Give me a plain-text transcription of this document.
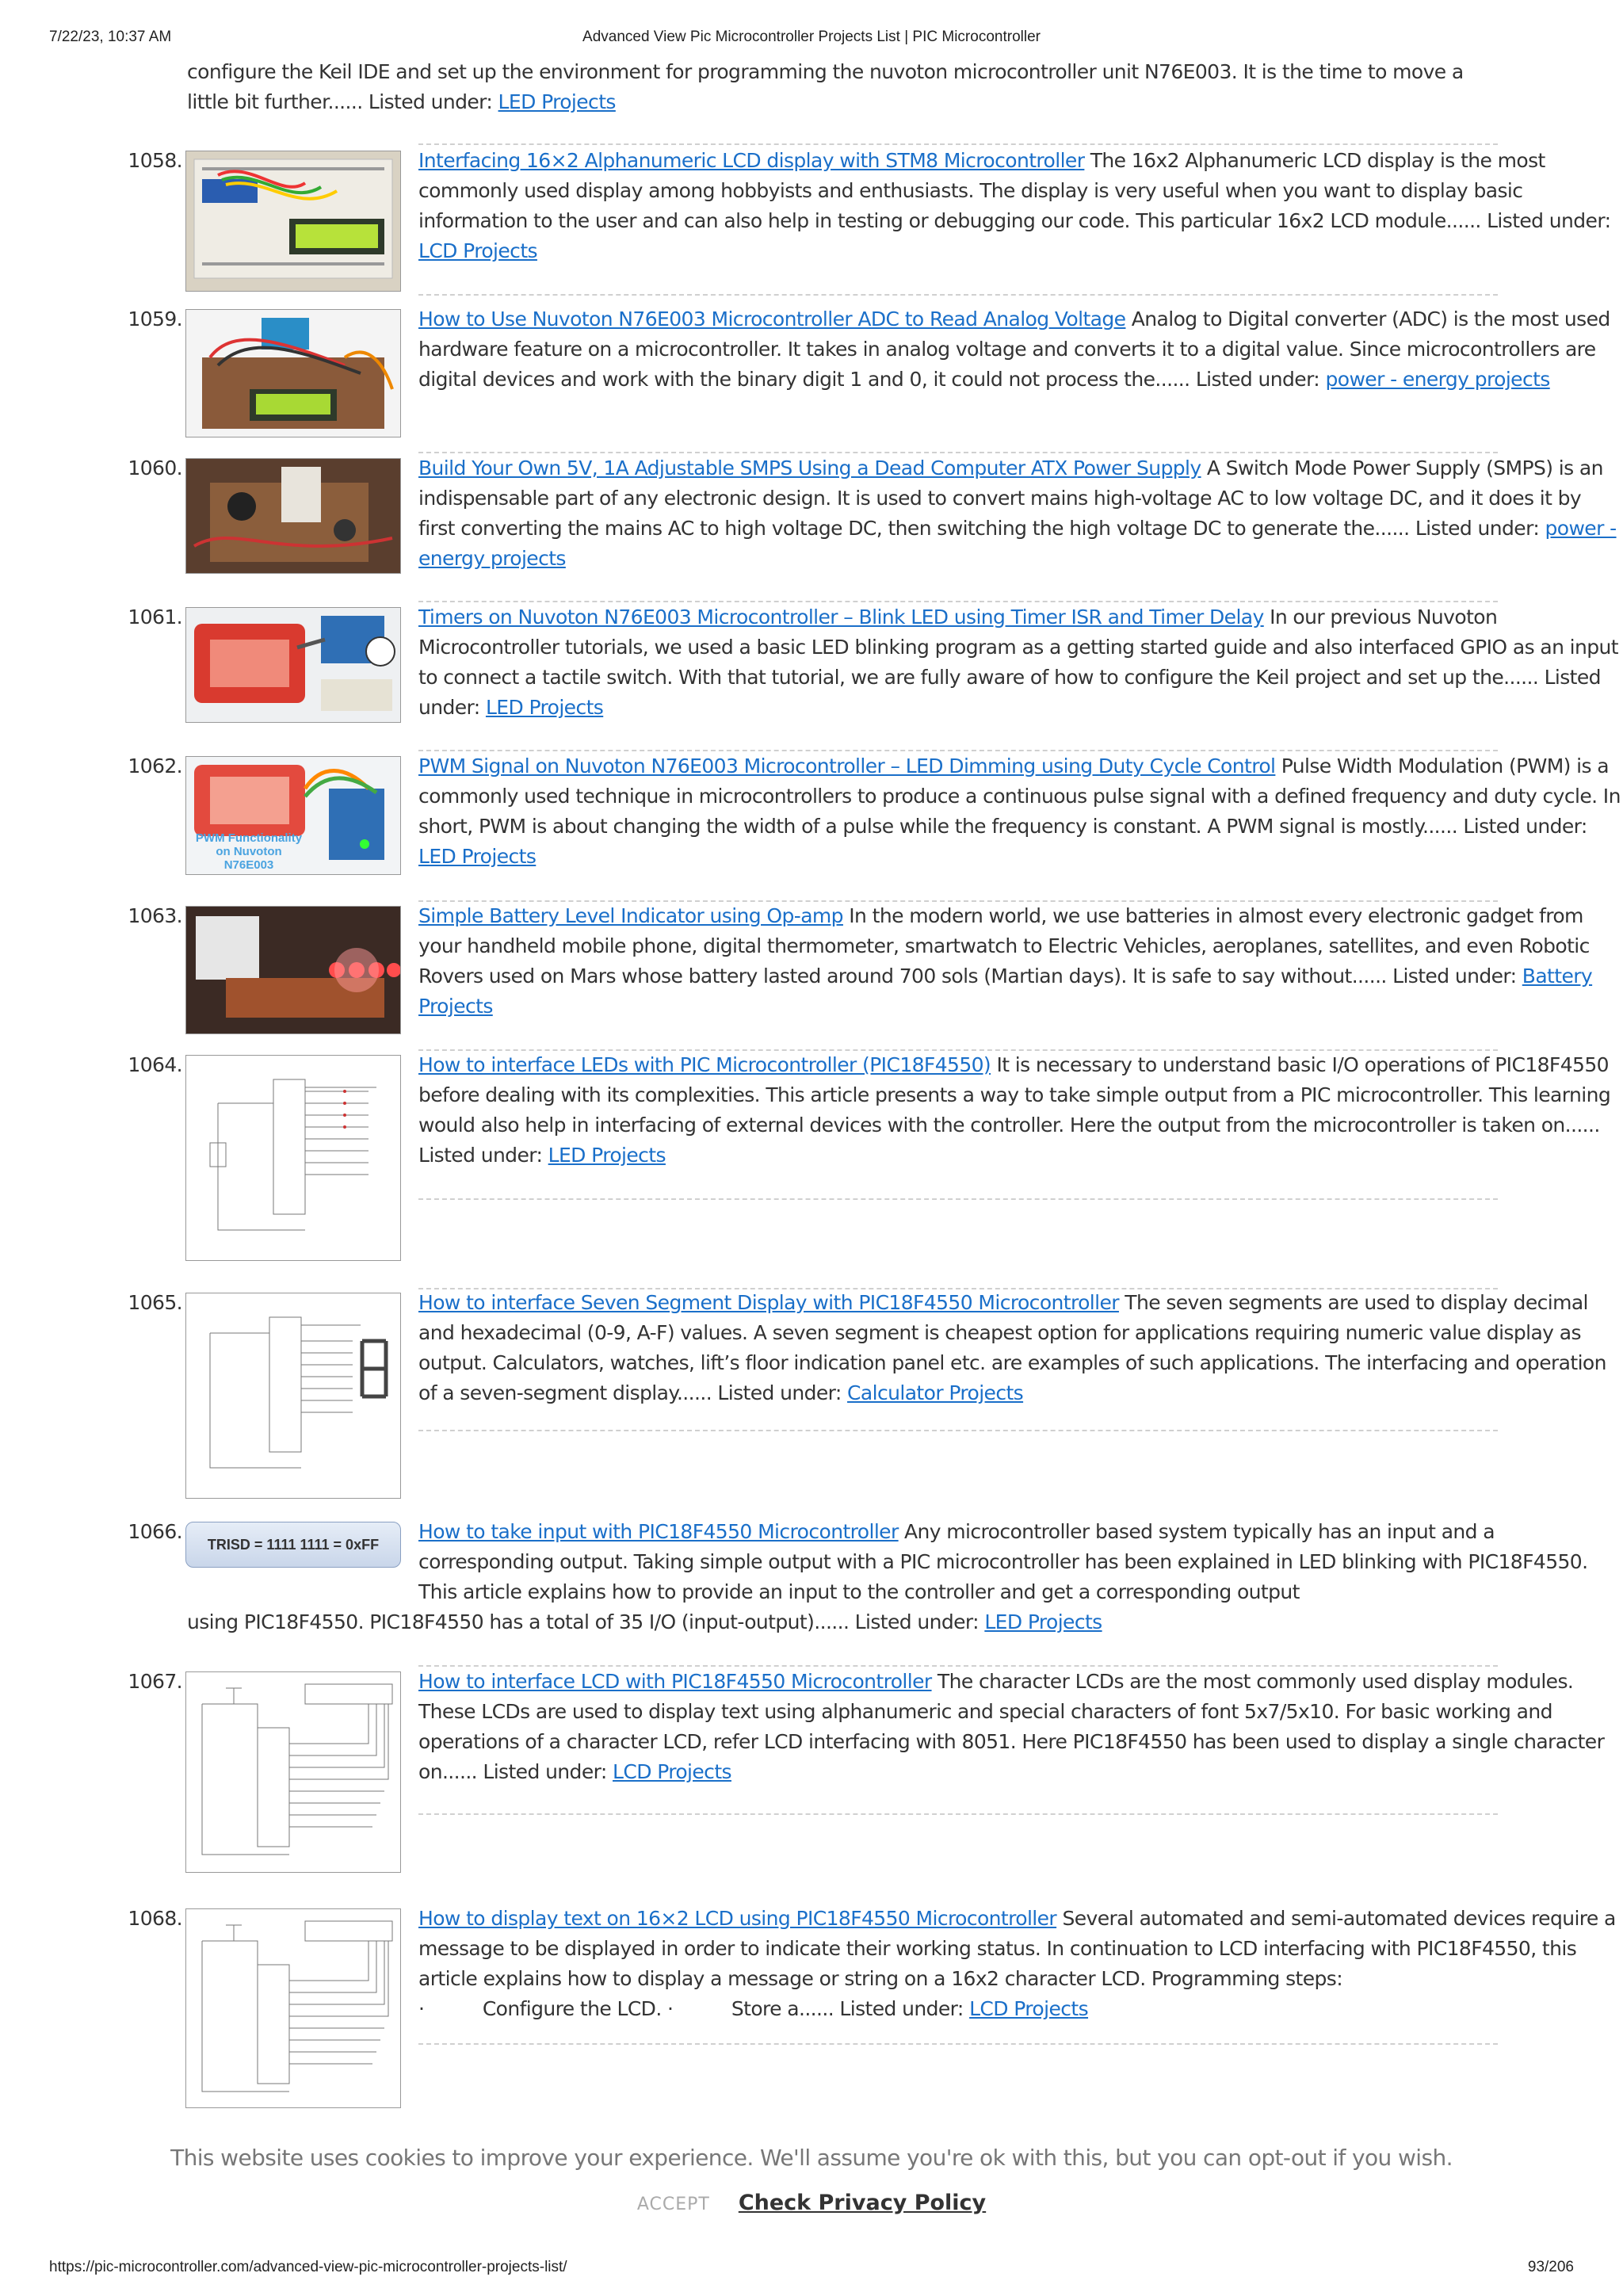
7/22/23, 10:37 AM	Advanced View Pic Microcontroller Projects List | PIC Microcontroller
configure the Keil IDE and set up the environment for programming the nuvoton microcontroller unit N76E003. It is the time to move a little bit further...... Listed under: LED Projects
1058.	Interfacing 16×2 Alphanumeric LCD display with STM8 Microcontroller The 16x2 Alphanumeric LCD display is the most commonly used display among hobbyists and enthusiasts. The display is very useful when you want to display basic information to the user and can also help in testing or debugging our code. This particular 16x2 LCD module...... Listed under: LCD Projects
1059.	How to Use Nuvoton N76E003 Microcontroller ADC to Read Analog Voltage Analog to Digital converter (ADC) is the most used hardware feature on a microcontroller. It takes in analog voltage and converts it to a digital value. Since microcontrollers are digital devices and work with the binary digit 1 and 0, it could not process the...... Listed under: power - energy projects
1060.	Build Your Own 5V, 1A Adjustable SMPS Using a Dead Computer ATX Power Supply A Switch Mode Power Supply (SMPS) is an indispensable part of any electronic design. It is used to convert mains high-voltage AC to low voltage DC, and it does it by first converting the mains AC to high voltage DC, then switching the high voltage DC to generate the...... Listed under: power - energy projects
1061.	Timers on Nuvoton N76E003 Microcontroller – Blink LED using Timer ISR and Timer Delay In our previous Nuvoton Microcontroller tutorials, we used a basic LED blinking program as a getting started guide and also interfaced GPIO as an input to connect a tactile switch. With that tutorial, we are fully aware of how to configure the Keil project and set up the...... Listed under: LED Projects
1062.
PWM Functionality on Nuvoton N76E003
PWM Signal on Nuvoton N76E003 Microcontroller – LED Dimming using Duty Cycle Control Pulse Width Modulation (PWM) is a commonly used technique in microcontrollers to produce a continuous pulse signal with a defined frequency and duty cycle. In short, PWM is about changing the width of a pulse while the frequency is constant. A PWM signal is mostly...... Listed under: LED Projects
1063.	Simple Battery Level Indicator using Op-amp In the modern world, we use batteries in almost every electronic gadget from your handheld mobile phone, digital thermometer, smartwatch to Electric Vehicles, aeroplanes, satellites, and even Robotic Rovers used on Mars whose battery lasted around 700 sols (Martian days). It is safe to say without...... Listed under: Battery Projects
1064.	How to interface LEDs with PIC Microcontroller (PIC18F4550) It is necessary to understand basic I/O operations of PIC18F4550 before dealing with its complexities. This article presents a way to take simple output from a PIC microcontroller. This learning would also help in interfacing of external devices with the controller. Here the output from the microcontroller is taken on...... Listed under: LED Projects
1065.	How to interface Seven Segment Display with PIC18F4550 Microcontroller The seven segments are used to display decimal and hexadecimal (0-9, A-F) values. A seven segment is cheapest option for applications requiring numeric value display as output. Calculators, watches, lift’s floor indication panel etc. are examples of such applications. The interfacing and operation of a seven-segment display...... Listed under: Calculator Projects
1066.
TRISD = 1111 1111 = 0xFF
How to take input with PIC18F4550 Microcontroller Any microcontroller based system typically has an input and a corresponding output. Taking simple output with a PIC microcontroller has been explained in LED blinking with PIC18F4550. This article explains how to provide an input to the controller and get a corresponding output
using PIC18F4550. PIC18F4550 has a total of 35 I/O (input-output)...... Listed under: LED Projects
1067.	How to interface LCD with PIC18F4550 Microcontroller The character LCDs are the most commonly used display modules. These LCDs are used to display text using alphanumeric and special characters of font 5x7/5x10. For basic working and operations of a character LCD, refer LCD interfacing with 8051. Here PIC18F4550 has been used to display a single character on...... Listed under: LCD Projects
1068.	How to display text on 16×2 LCD using PIC18F4550 Microcontroller Several automated and semi-automated devices require a message to be displayed in order to indicate their working status. In continuation to LCD interfacing with PIC18F4550, this article explains how to display a message or string on a 16x2 character LCD. Programming steps:
·          Configure the LCD. ·          Store a...... Listed under: LCD Projects
This website uses cookies to improve your experience. We'll assume you're ok with this, but you can opt-out if you wish.
ACCEPT Check Privacy Policy
https://pic-microcontroller.com/advanced-view-pic-microcontroller-projects-list/	93/206
